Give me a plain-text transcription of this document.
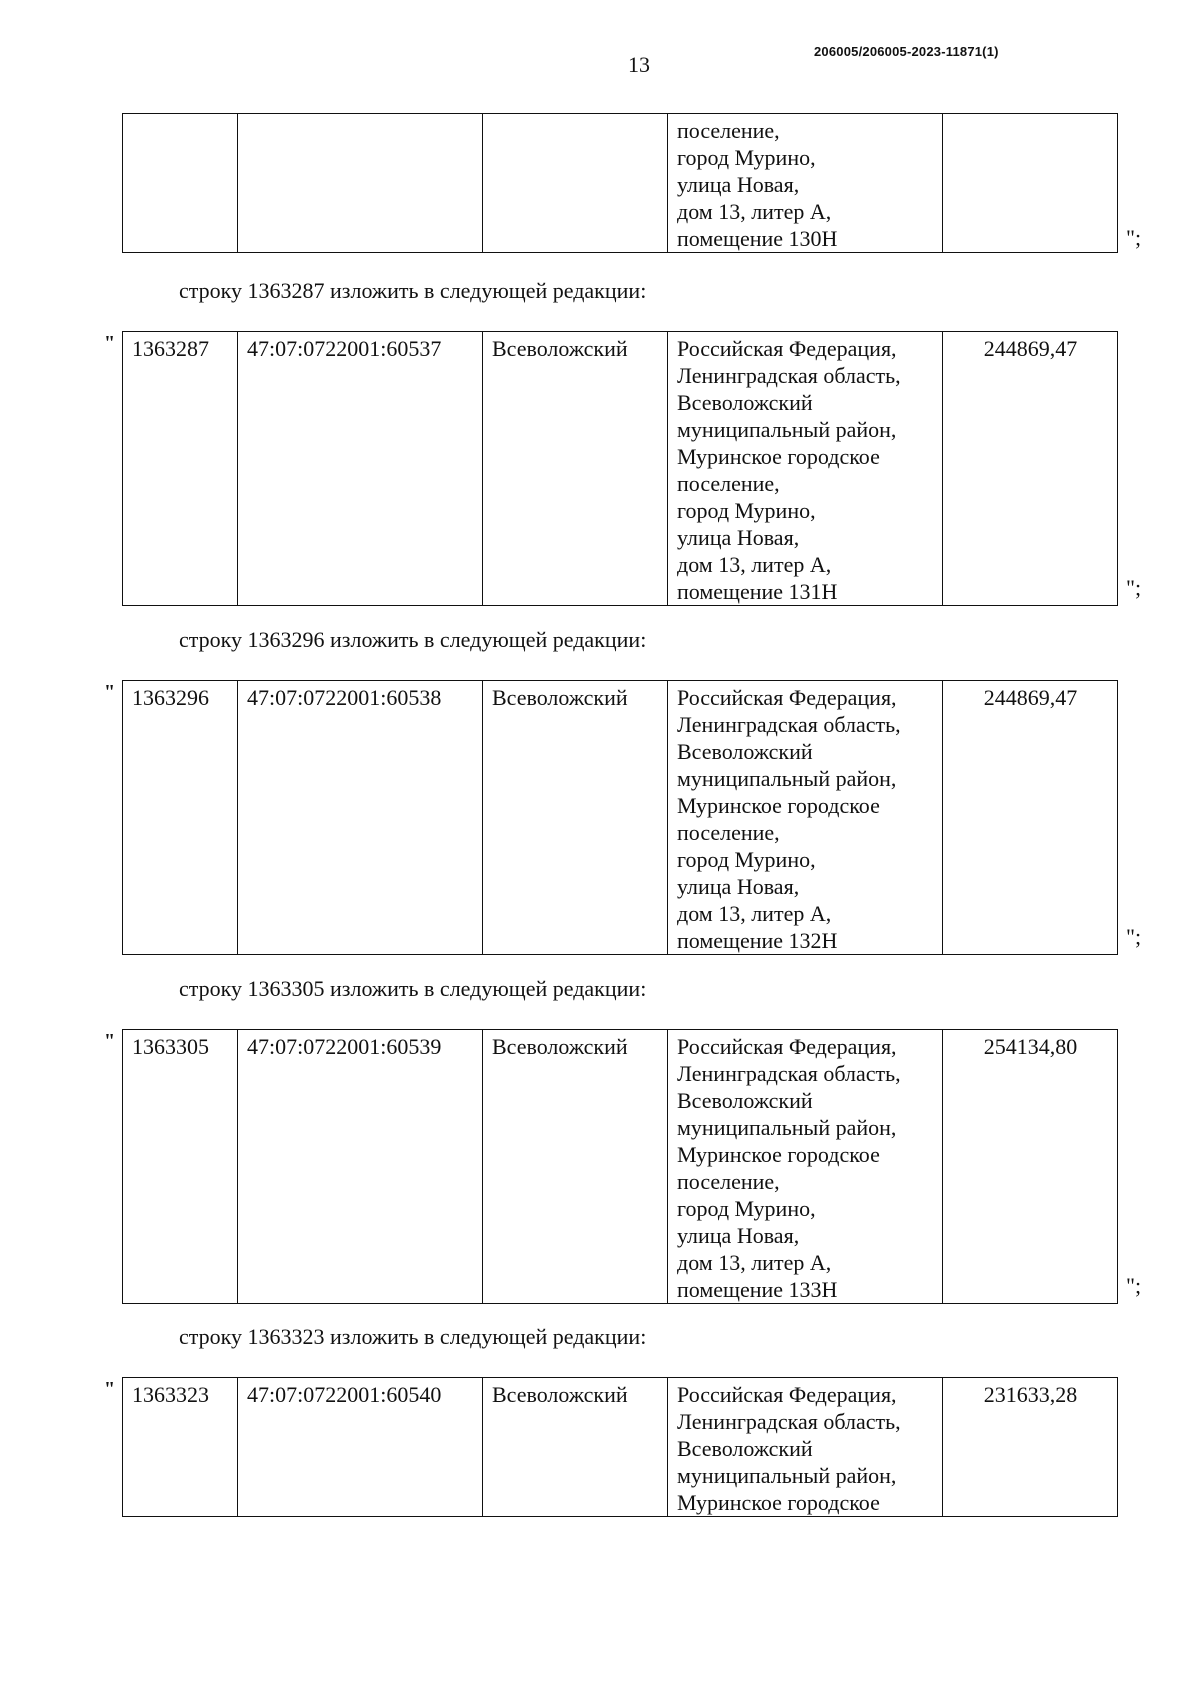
206005/206005-2023-11871(1)
13

поселение,
город Мурино,
улица Новая,
дом 13, литер А,
помещение 130Н
		";
строку 1363287 изложить в следующей редакции:
" 1363287	47:07:0722001:60537	Всеволожский	Российская Федерация,
Ленинградская область,
Всеволожский
муниципальный район,
Муринское городское
поселение,
город Мурино,
улица Новая,
дом 13, литер А,
помещение 131Н
	244869,47
";
строку 1363296 изложить в следующей редакции:
" 1363296	47:07:0722001:60538	Всеволожский	Российская Федерация,
Ленинградская область,
Всеволожский
муниципальный район,
Муринское городское
поселение,
город Мурино,
улица Новая,
дом 13, литер А,
помещение 132Н
	244869,47
";
строку 1363305 изложить в следующей редакции:
" 1363305	47:07:0722001:60539	Всеволожский	Российская Федерация,
Ленинградская область,
Всеволожский
муниципальный район,
Муринское городское
поселение,
город Мурино,
улица Новая,
дом 13, литер А,
помещение 133Н
	254134,80
";
строку 1363323 изложить в следующей редакции:
" 1363323	47:07:0722001:60540	Всеволожский	Российская Федерация,
Ленинградская область,
Всеволожский
муниципальный район,
Муринское городское
	231633,28
